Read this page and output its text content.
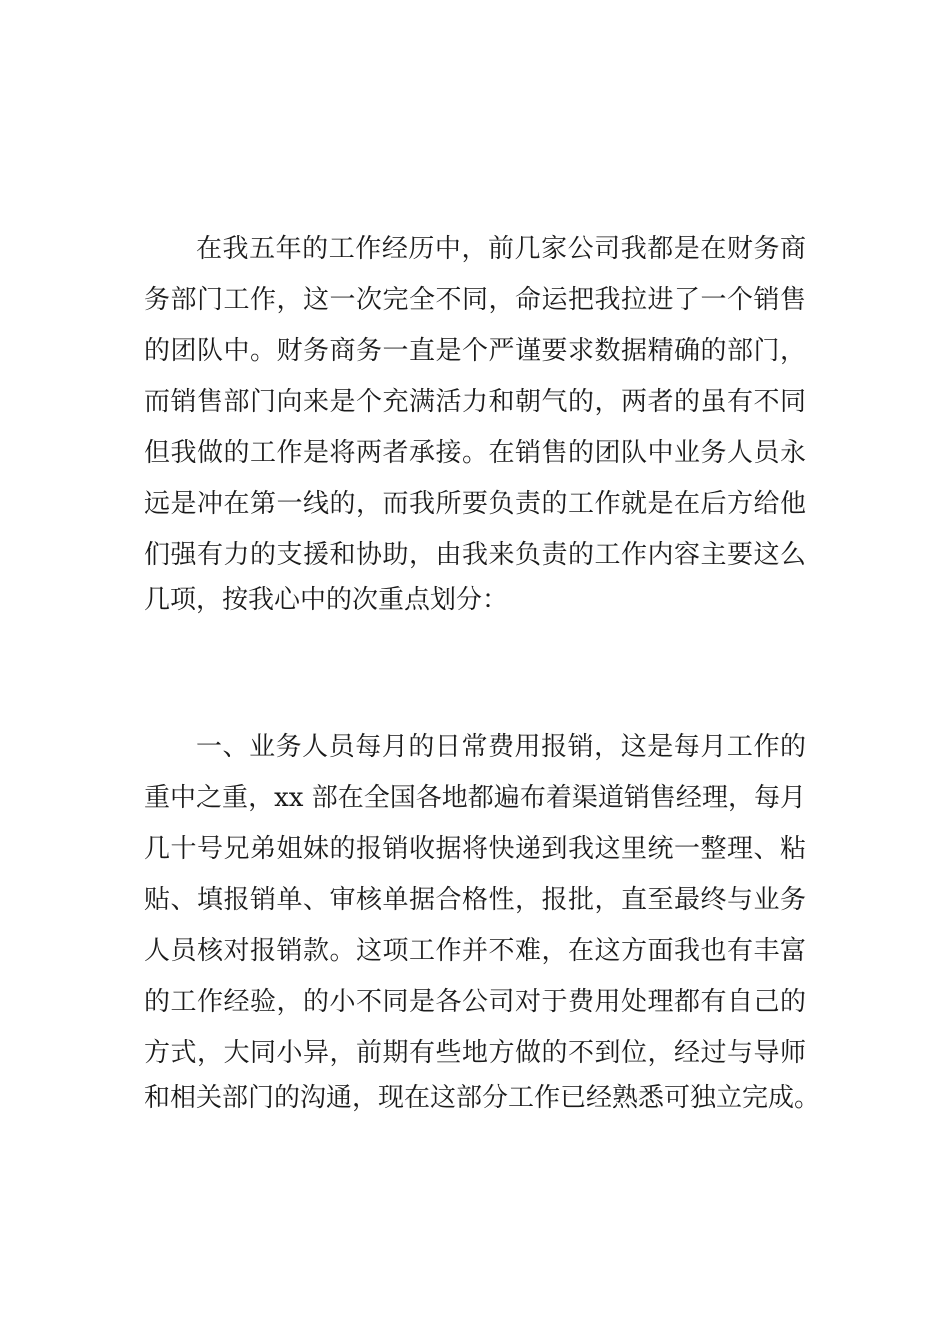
在我五年的工作经历中，前几家公司我都是在财务商
务部门工作，这一次完全不同，命运把我拉进了一个销售
的团队中。财务商务一直是个严谨要求数据精确的部门，
而销售部门向来是个充满活力和朝气的，两者的虽有不同
但我做的工作是将两者承接。在销售的团队中业务人员永
远是冲在第一线的，而我所要负责的工作就是在后方给他
们强有力的支援和协助，由我来负责的工作内容主要这么
几项，按我心中的次重点划分：
一、业务人员每月的日常费用报销，这是每月工作的
重中之重，xx 部在全国各地都遍布着渠道销售经理，每月
几十号兄弟姐妹的报销收据将快递到我这里统一整理、粘
贴、填报销单、审核单据合格性，报批，直至最终与业务
人员核对报销款。这项工作并不难，在这方面我也有丰富
的工作经验，的小不同是各公司对于费用处理都有自己的
方式，大同小异，前期有些地方做的不到位，经过与导师
和相关部门的沟通，现在这部分工作已经熟悉可独立完成。
